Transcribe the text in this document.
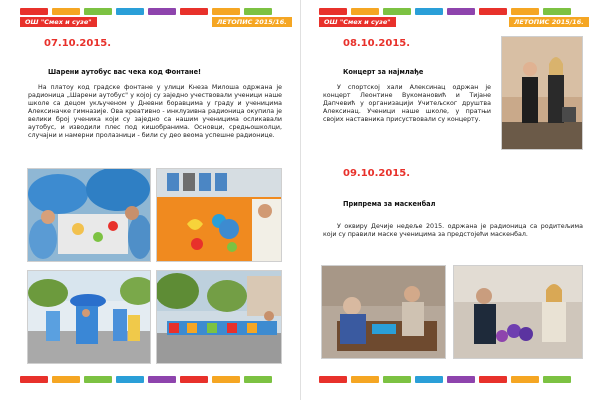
ОШ "Смех и сузе"	ЛЕТОПИС 2015/16.
07.10.2015.
Шарени аутобус вас чека код Фонтане!
На платоу код градске фонтане у улици Кнеза Милоша одржана је радионица „Шарени аутобус" у којој су заједно учествовали ученици наше школе са децом укљученом у Дневни боравцима у граду и ученицима Алексиначке гимназије. Ова креативно - инклузивна радионица окупила је велики број ученика који су заједно са нашим ученицима осликавали аутобус, и изводили плес под кишобранима. Основци, средњошколци, случајни и намерни пролазници - били су део веома успешне радионице.
ОШ "Смех и сузе"	ЛЕТОПИС 2015/16.
08.10.2015.
Концерт за најмлађе
У спортској хали Алексинац одржан је концерт Леонтине Вукомановић и Тијане Дапчевић у организацији Учитељског друштва Алексинац. Ученици наше школе, у пратњи својих наставника присуствовали су концерту.
09.10.2015.
Припрема за маскенбал
У оквиру Дечије недеље 2015. одржана је радионица са родитељима који су правили маске ученицима за предстојећи маскенбал.
